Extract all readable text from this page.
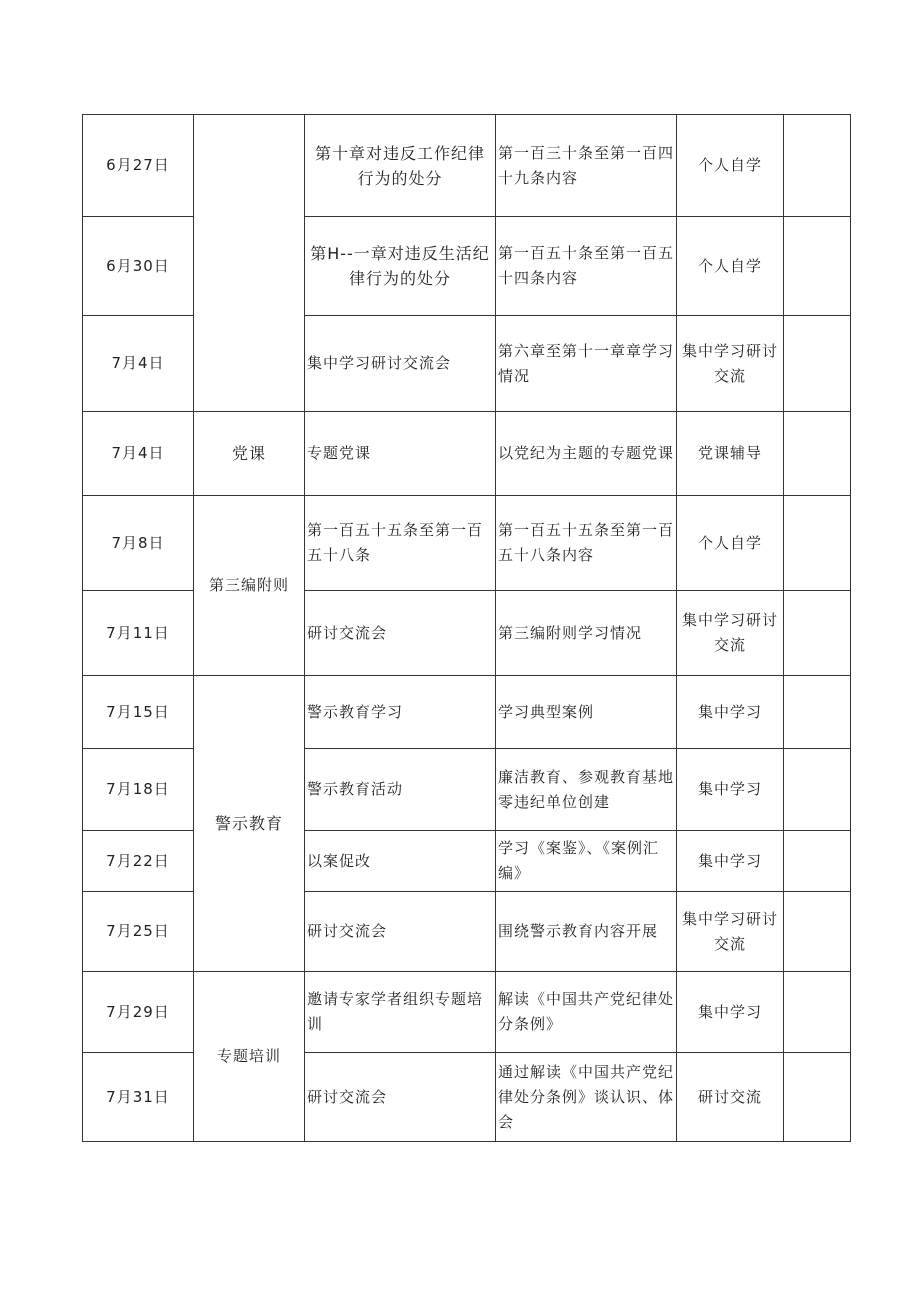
6月27日		第十章对违反工作纪律行为的处分	第一百三十条至第一百四十九条内容	个人自学	
6月30日		第H--一章对违反生活纪律行为的处分	第一百五十条至第一百五十四条内容	个人自学	
7月4日		集中学习研讨交流会	第六章至第十一章章学习情况	集中学习研讨交流	
7月4日	党课	专题党课	以党纪为主题的专题党课	党课辅导	
7月8日	第三编附则	第一百五十五条至第一百五十八条	第一百五十五条至第一百五十八条内容	个人自学	
7月11日		研讨交流会	第三编附则学习情况	集中学习研讨交流	
7月15日	警示教育	警示教育学习	学习典型案例	集中学习	
7月18日		警示教育活动	廉洁教育、参观教育基地零违纪单位创建	集中学习	
7月22日		以案促改	学习《案鉴》、《案例汇编》	集中学习	
7月25日		研讨交流会	围绕警示教育内容开展	集中学习研讨交流	
7月29日	专题培训	邀请专家学者组织专题培训	解读《中国共产党纪律处分条例》	集中学习	
7月31日		研讨交流会	通过解读《中国共产党纪律处分条例》谈认识、体会	研讨交流	
